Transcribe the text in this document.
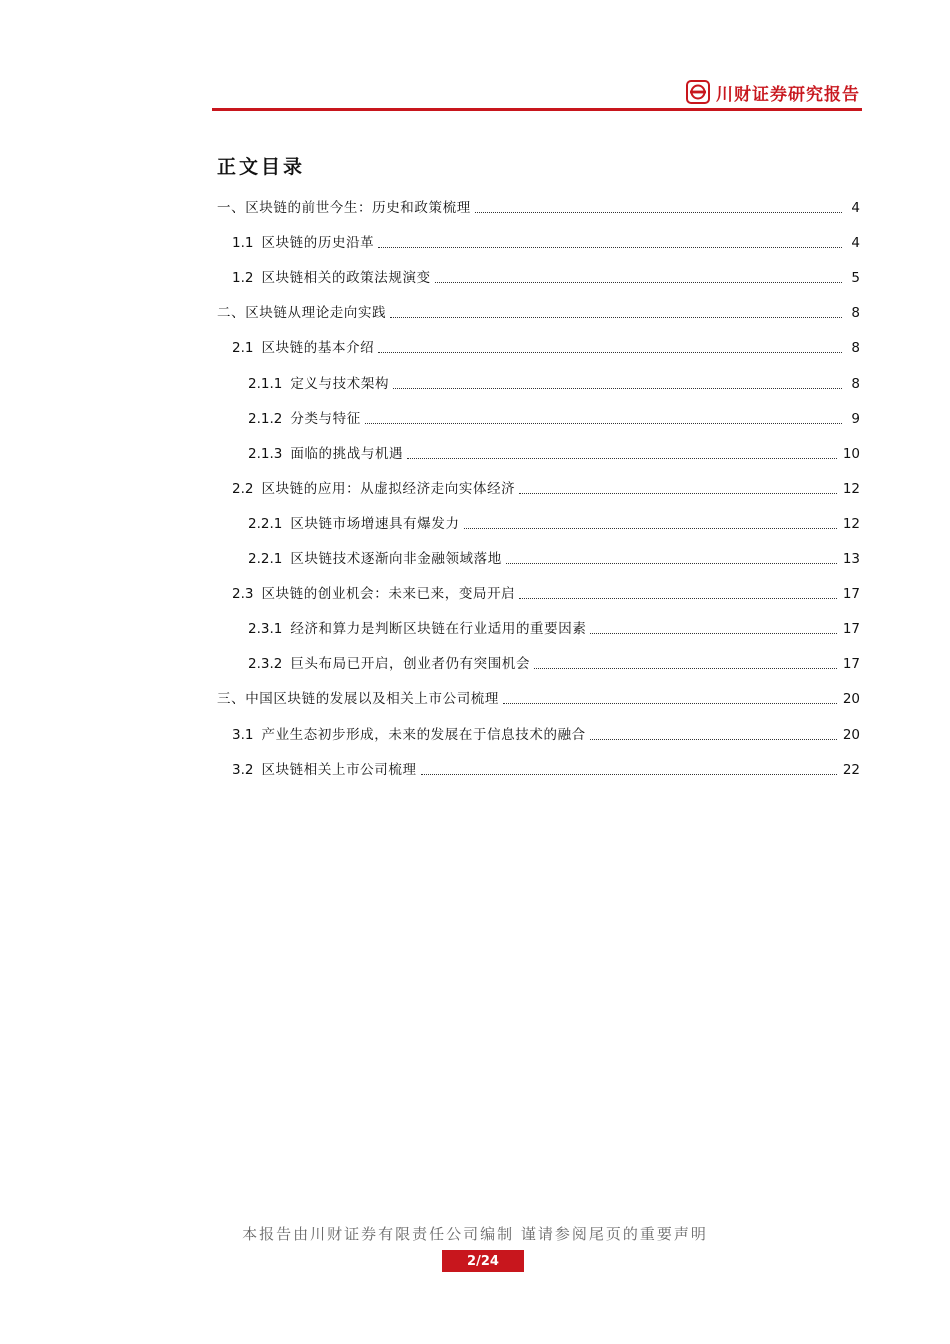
川财证券研究报告
正文目录
一、区块链的前世今生：历史和政策梳理	4
1.1 区块链的历史沿革	4
1.2 区块链相关的政策法规演变	5
二、区块链从理论走向实践	8
2.1 区块链的基本介绍	8
2.1.1 定义与技术架构	8
2.1.2 分类与特征	9
2.1.3 面临的挑战与机遇	10
2.2 区块链的应用：从虚拟经济走向实体经济	12
2.2.1 区块链市场增速具有爆发力	12
2.2.1 区块链技术逐渐向非金融领域落地	13
2.3 区块链的创业机会：未来已来，变局开启	17
2.3.1 经济和算力是判断区块链在行业适用的重要因素	17
2.3.2 巨头布局已开启，创业者仍有突围机会	17
三、中国区块链的发展以及相关上市公司梳理	20
3.1 产业生态初步形成，未来的发展在于信息技术的融合	20
3.2 区块链相关上市公司梳理	22
本报告由川财证券有限责任公司编制 谨请参阅尾页的重要声明
2/24
